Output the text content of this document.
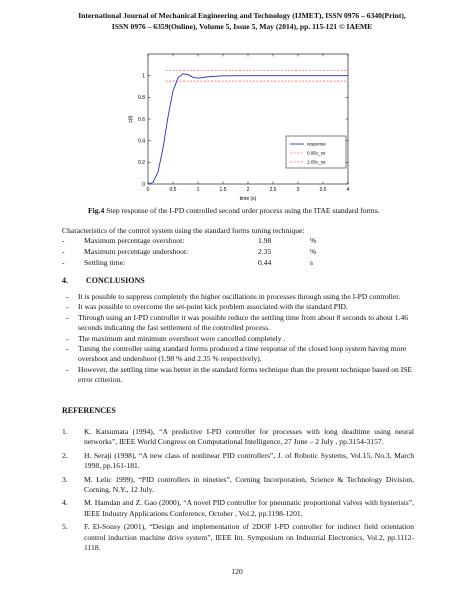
International Journal of Mechanical Engineering and Technology (IJMET), ISSN 0976 – 6340(Print),
ISSN 0976 – 6359(Online), Volume 5, Issue 5, May (2014), pp. 115-121 © IAEME
0	0.5	1	1.5	2	2.5	3	3.5	4
0
0.2
0.4
0.6
0.8
1
c(t)
time (s)
response
0.95c_ss
1.05c_ss
Fig.4 Step response of the I-PD controlled second order process using the ITAE standard forms.
Characteristics of the control system using the standard forms tuning technique:
-	Maximum percentage overshoot:	1.98	%
-	Maximum percentage undershoot:	2.35	%
-	Settling time:	0.44	s
4. CONCLUSIONS
- It is possible to suppress completely the higher oscillations in processes through using the I-PD controller.
- It was possible to overcome the set-point kick problem associated with the standard PID.
- Through using an I-PD controller it was possible reduce the settling time from about 8 seconds to about 1.46 seconds indicating the fast settlement of the controlled process.
- The maximum and minimum overshoot were cancelled completely .
- Tuning the controller using standard forms produced a time response of the closed loop system having more overshoot and undershoot (1.98 % and 2.35 % respectively).
- However, the settling time was better in the standard forms technique than the present technique based on ISE error criterion.
REFERENCES
1. K. Katsumata (1994), “A predictive I-PD controller for processes with long deadtime using neural networks”, IEEE World Congress on Computational Intelligence, 27 June – 2 July , pp.3154-3157.
2. H. Seraji (1998), “A new class of nonlinear PID controllers”, J. of Robotic Systems, Vol.15, No.3, March 1998, pp.161-181.
3. M. Lelic 1999), “PID controllers in nineties”, Corning Incorporation, Science & Technology Division, Corning, N.Y., 12 July.
4. M. Hamdan and Z. Gao (2000), “A novel PID controller for pneumatic proportional valves with hysterisis”, IEEE Industry Applications Conference, October , Vol.2, pp.1198-1201.
5. F. El-Sousy (2001), “Design and implementation of 2DOF I-PD controller for indirect field orientation control induction machine drive system”, IEEE Int. Symposium on Industrial Electronics, Vol.2, pp.1112-1118.
120
